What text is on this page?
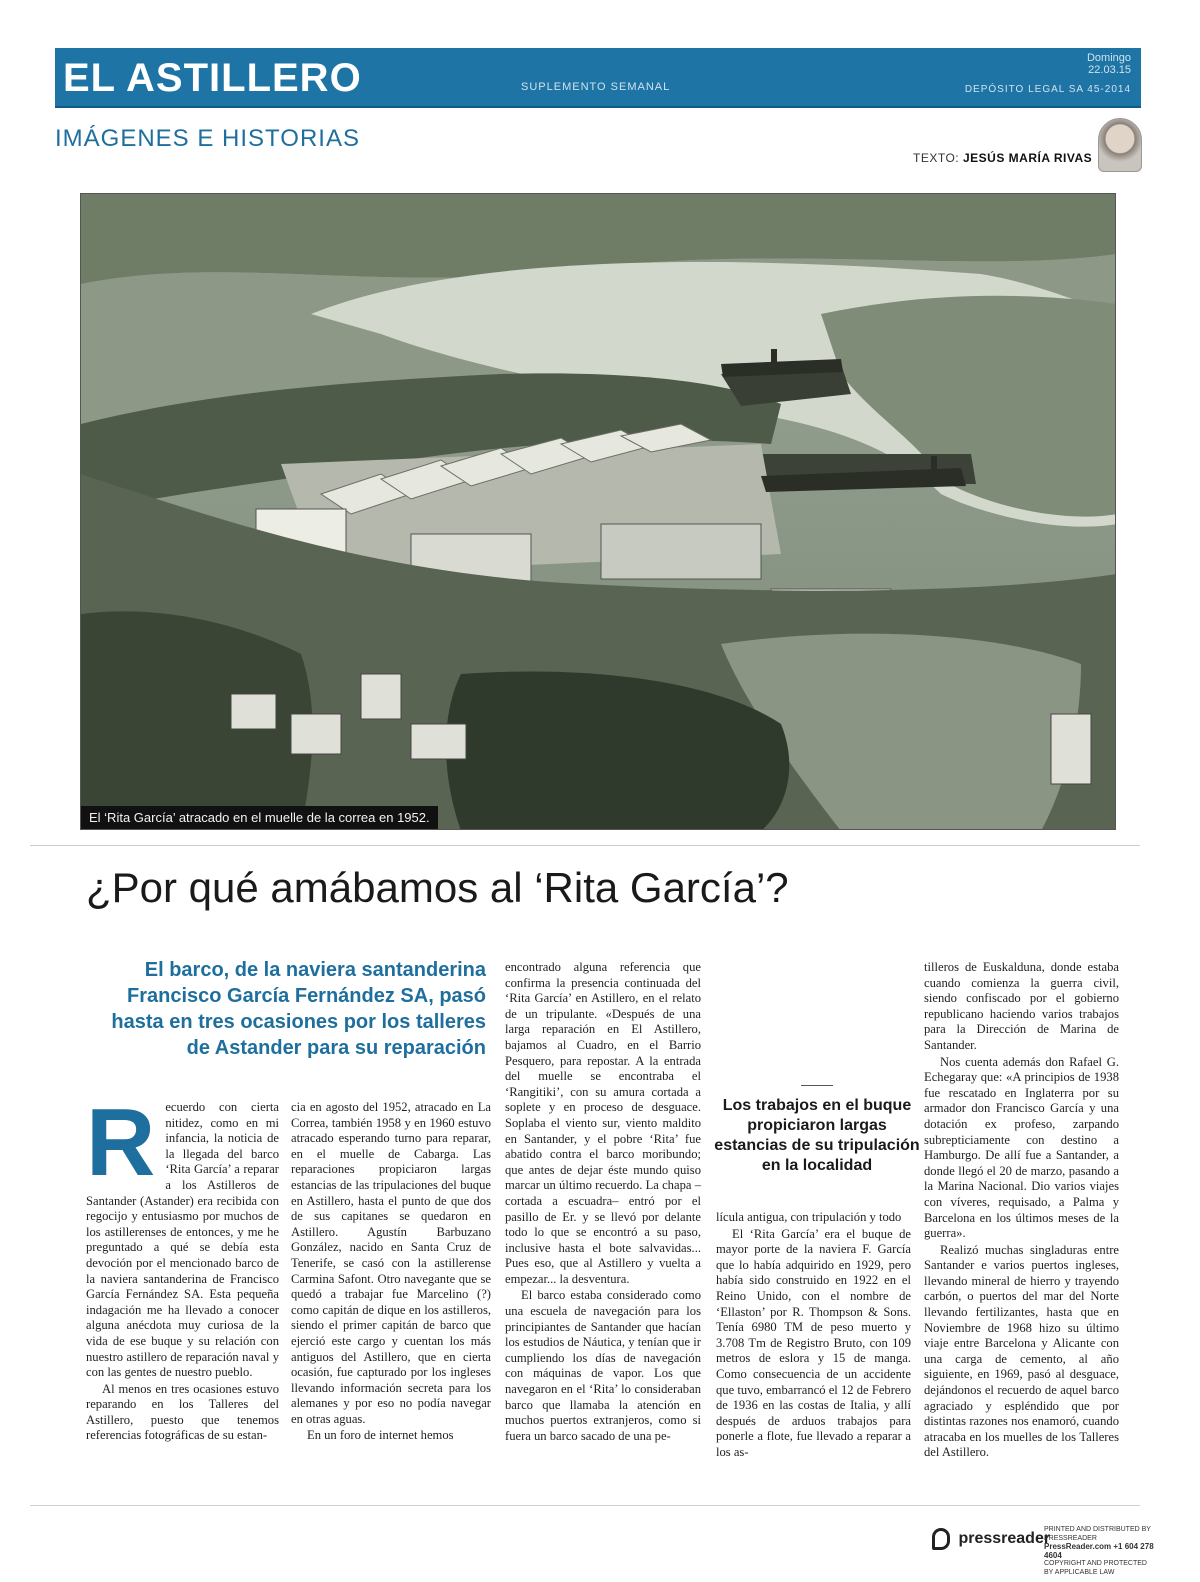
EL ASTILLERO	SUPLEMENTO SEMANAL
Domingo
22.03.15
DEPÓSITO LEGAL SA 45-2014
IMÁGENES E HISTORIAS
TEXTO: JESÚS MARÍA RIVAS
El ‘Rita García’ atracado en el muelle de la correa en 1952.
¿Por qué amábamos al ‘Rita García’?
El barco, de la naviera santanderina Francisco García Fernández SA, pasó hasta en tres ocasiones por los talleres de Astander para su reparación
R ecuerdo con cierta nitidez, como en mi infancia, la noticia de la llegada del barco ‘Rita García’ a reparar a los Astilleros de Santander (Astander) era recibida con regocijo y entusiasmo por muchos de los astillerenses de entonces, y me he preguntado a qué se debía esta devoción por el mencionado barco de la naviera santanderina de Francisco García Fernández SA. Esta pequeña indagación me ha llevado a conocer alguna anécdota muy curiosa de la vida de ese buque y su relación con nuestro astillero de reparación naval y con las gentes de nuestro pueblo.

Al menos en tres ocasiones estuvo reparando en los Talleres del Astillero, puesto que tenemos referencias fotográficas de su estan-

cia en agosto del 1952, atracado en La Correa, también 1958 y en 1960 estuvo atracado esperando turno para reparar, en el muelle de Cabarga. Las reparaciones propiciaron largas estancias de las tripulaciones del buque en Astillero, hasta el punto de que dos de sus capitanes se quedaron en Astillero. Agustín Barbuzano González, nacido en Santa Cruz de Tenerife, se casó con la astillerense Carmina Safont. Otro navegante que se quedó a trabajar fue Marcelino (?) como capitán de dique en los astilleros, siendo el primer capitán de barco que ejerció este cargo y cuentan los más antiguos del Astillero, que en cierta ocasión, fue capturado por los ingleses llevando información secreta para los alemanes y por eso no podía navegar en otras aguas.

En un foro de internet hemos

encontrado alguna referencia que confirma la presencia continuada del ‘Rita García’ en Astillero, en el relato de un tripulante. «Después de una larga reparación en El Astillero, bajamos al Cuadro, en el Barrio Pesquero, para repostar. A la entrada del muelle se encontraba el ‘Rangitiki’, con su amura cortada a soplete y en proceso de desguace. Soplaba el viento sur, viento maldito en Santander, y el pobre ‘Rita’ fue abatido contra el barco moribundo; que antes de dejar éste mundo quiso marcar un último recuerdo. La chapa –cortada a escuadra– entró por el pasillo de Er. y se llevó por delante todo lo que se encontró a su paso, inclusive hasta el bote salvavidas... Pues eso, que al Astillero y vuelta a empezar... la desventura.

El barco estaba considerado como una escuela de navegación para los principiantes de Santander que hacían los estudios de Náutica, y tenían que ir cumpliendo los días de navegación con máquinas de vapor. Los que navegaron en el ‘Rita’ lo consideraban barco que llamaba la atención en muchos puertos extranjeros, como si fuera un barco sacado de una pe-

Los trabajos en el buque propiciaron largas estancias de su tripulación en la localidad

lícula antigua, con tripulación y todo

El ‘Rita García’ era el buque de mayor porte de la naviera F. García que lo había adquirido en 1929, pero había sido construido en 1922 en el Reino Unido, con el nombre de ‘Ellaston’ por R. Thompson & Sons. Tenía 6980 TM de peso muerto y 3.708 Tm de Registro Bruto, con 109 metros de eslora y 15 de manga. Como consecuencia de un accidente que tuvo, embarrancó el 12 de Febrero de 1936 en las costas de Italia, y allí después de arduos trabajos para ponerle a flote, fue llevado a reparar a los as-

tilleros de Euskalduna, donde estaba cuando comienza la guerra civil, siendo confiscado por el gobierno republicano haciendo varios trabajos para la Dirección de Marina de Santander.

Nos cuenta además don Rafael G. Echegaray que: «A principios de 1938 fue rescatado en Inglaterra por su armador don Francisco García y una dotación ex profeso, zarpando subrepticiamente con destino a Hamburgo. De allí fue a Santander, a donde llegó el 20 de marzo, pasando a la Marina Nacional. Dio varios viajes con víveres, requisado, a Palma y Barcelona en los últimos meses de la guerra».

Realizó muchas singladuras entre Santander e varios puertos ingleses, llevando mineral de hierro y trayendo carbón, o puertos del mar del Norte llevando fertilizantes, hasta que en Noviembre de 1968 hizo su último viaje entre Barcelona y Alicante con una carga de cemento, al año siguiente, en 1969, pasó al desguace, dejándonos el recuerdo de aquel barco agraciado y espléndido que por distintas razones nos enamoró, cuando atracaba en los muelles de los Talleres del Astillero.

pressreader
PRINTED AND DISTRIBUTED BY PRESSREADER
PressReader.com +1 604 278 4604
COPYRIGHT AND PROTECTED BY APPLICABLE LAW
